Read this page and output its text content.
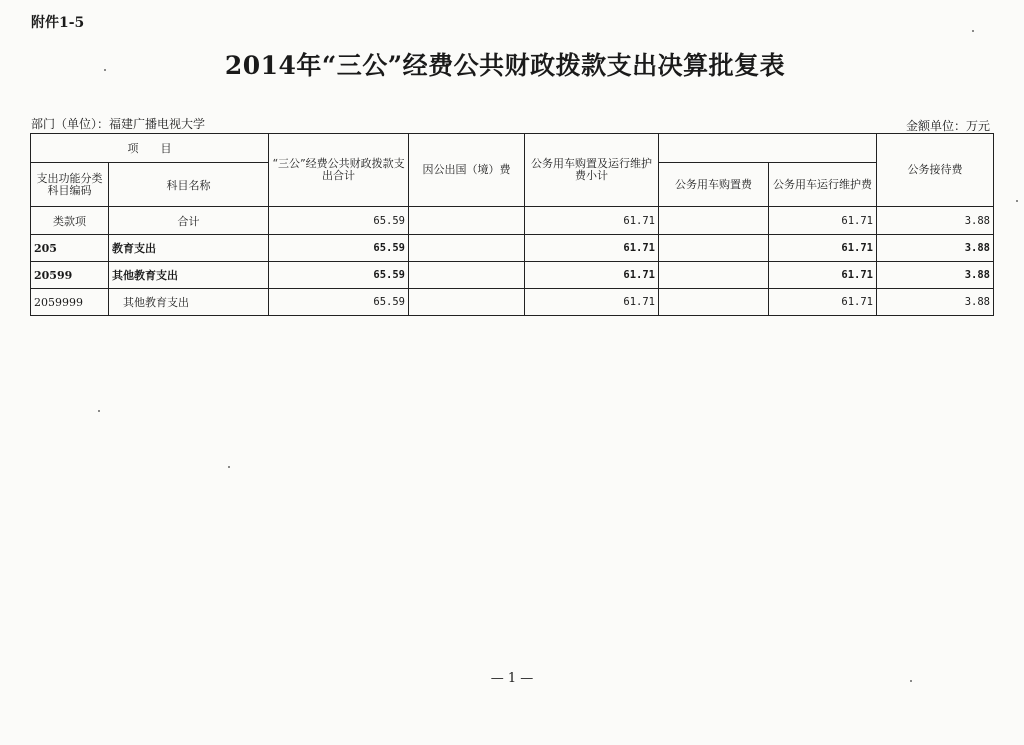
附件1-5
2014年“三公”经费公共财政拨款支出决算批复表
部门（单位）：福建广播电视大学	金额单位：万元
项　　目		“三公”经费公共财政拨款支出合计	因公出国（境）费	公务用车购置及运行维护费小计			公务接待费
支出功能分类科目编码	科目名称				公务用车购置费	公务用车运行维护费	
类款项	合计	65.59		61.71		61.71	3.88
205	教育支出	65.59		61.71		61.71	3.88
20599	其他教育支出	65.59		61.71		61.71	3.88
2059999	其他教育支出	65.59		61.71		61.71	3.88
— 1 —
